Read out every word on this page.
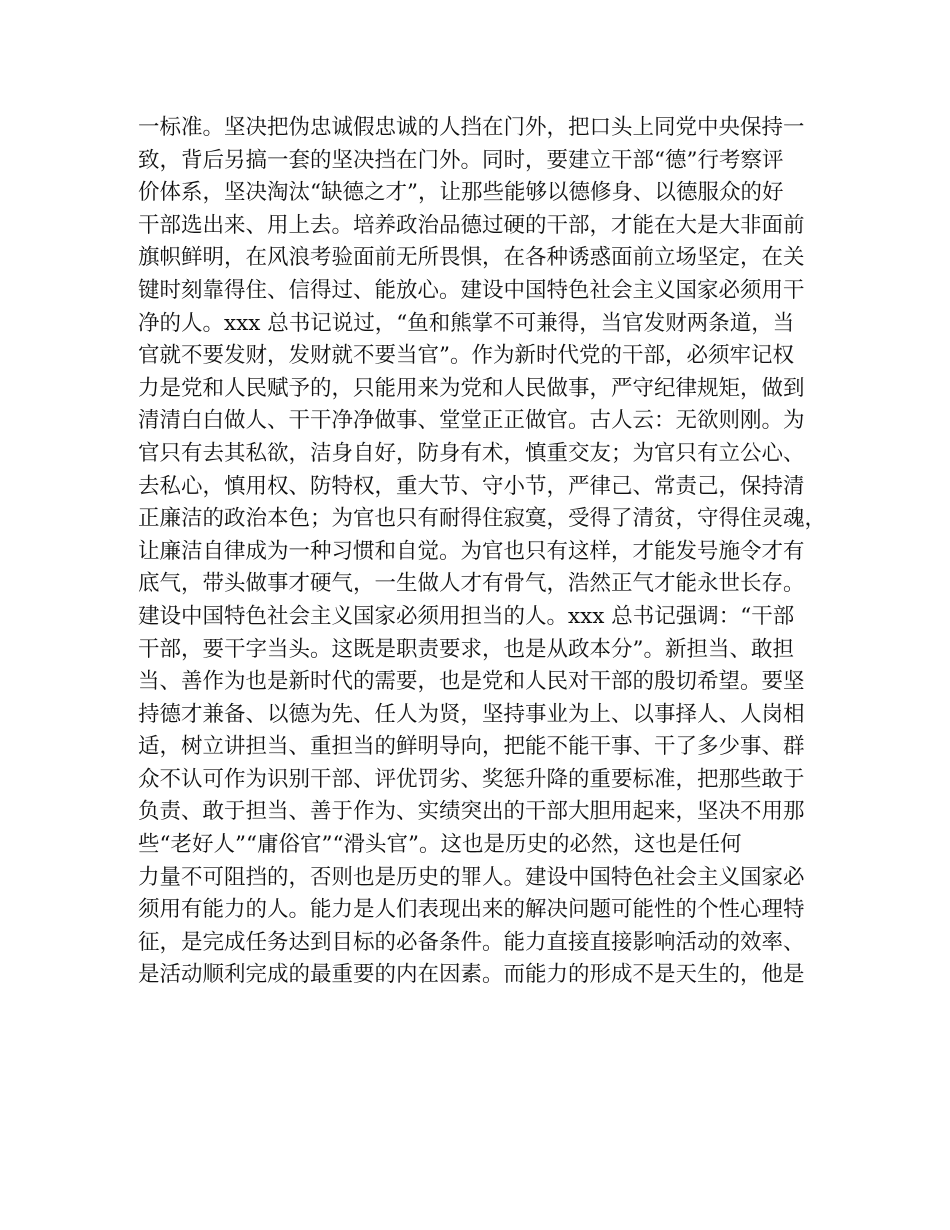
一标准。坚决把伪忠诚假忠诚的人挡在门外，把口头上同党中央保持一
致，背后另搞一套的坚决挡在门外。同时，要建立干部“德”行考察评
价体系，坚决淘汰“缺德之才”，让那些能够以德修身、以德服众的好
干部选出来、用上去。培养政治品德过硬的干部，才能在大是大非面前
旗帜鲜明，在风浪考验面前无所畏惧，在各种诱惑面前立场坚定，在关
键时刻靠得住、信得过、能放心。建设中国特色社会主义国家必须用干
净的人。xxx 总书记说过，“鱼和熊掌不可兼得，当官发财两条道，当
官就不要发财，发财就不要当官”。作为新时代党的干部，必须牢记权
力是党和人民赋予的，只能用来为党和人民做事，严守纪律规矩，做到
清清白白做人、干干净净做事、堂堂正正做官。古人云：无欲则刚。为
官只有去其私欲，洁身自好，防身有术，慎重交友；为官只有立公心、
去私心，慎用权、防特权，重大节、守小节，严律己、常责己，保持清
正廉洁的政治本色；为官也只有耐得住寂寞，受得了清贫，守得住灵魂，
让廉洁自律成为一种习惯和自觉。为官也只有这样，才能发号施令才有
底气，带头做事才硬气，一生做人才有骨气，浩然正气才能永世长存。
建设中国特色社会主义国家必须用担当的人。xxx 总书记强调：“干部
干部，要干字当头。这既是职责要求，也是从政本分”。新担当、敢担
当、善作为也是新时代的需要，也是党和人民对干部的殷切希望。要坚
持德才兼备、以德为先、任人为贤，坚持事业为上、以事择人、人岗相
适，树立讲担当、重担当的鲜明导向，把能不能干事、干了多少事、群
众不认可作为识别干部、评优罚劣、奖惩升降的重要标准，把那些敢于
负责、敢于担当、善于作为、实绩突出的干部大胆用起来，坚决不用那
些“老好人”“庸俗官”“滑头官”。这也是历史的必然，这也是任何
力量不可阻挡的，否则也是历史的罪人。建设中国特色社会主义国家必
须用有能力的人。能力是人们表现出来的解决问题可能性的个性心理特
征，是完成任务达到目标的必备条件。能力直接直接影响活动的效率、
是活动顺利完成的最重要的内在因素。而能力的形成不是天生的，他是
